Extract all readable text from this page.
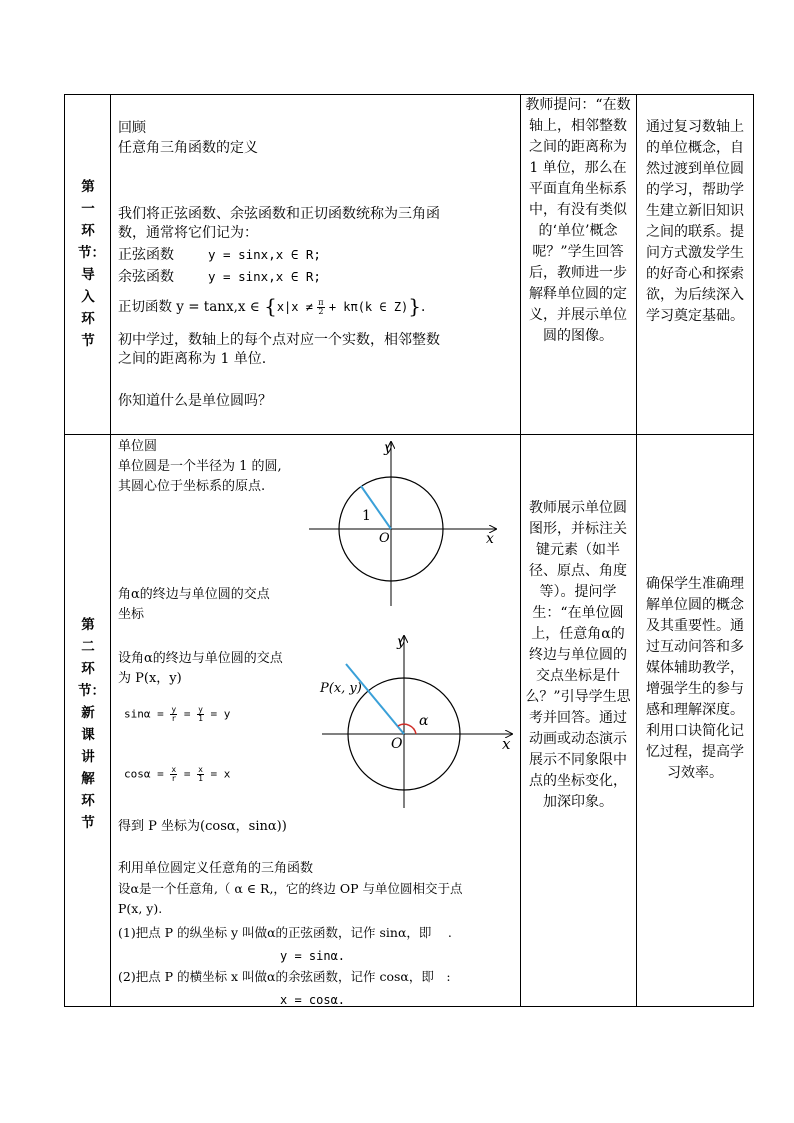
第一环节：导入环节
回顾
任意角三角函数的定义
我们将正弦函数、余弦函数和正切函数统称为三角函
数，通常将它们记为：
正弦函数	y = sinx,x ∈ R;
余弦函数	y = sinx,x ∈ R;
正切函数 y = tanx,x ∈ {$x|x \ne \frac{\pi}{2} + k\pi(k$ ∈ Z)}.
初中学过，数轴上的每个点对应一个实数，相邻整数
之间的距离称为 1 单位.
你知道什么是单位圆吗？
教师提问：“在数轴上，相邻整数之间的距离称为 1 单位，那么在平面直角坐标系中，有没有类似的‘单位’概念呢？”学生回答后，教师进一步解释单位圆的定义，并展示单位圆的图像。
通过复习数轴上的单位概念，自然过渡到单位圆的学习，帮助学生建立新旧知识之间的联系。提问方式激发学生的好奇心和探索欲，为后续深入学习奠定基础。
第二环节：新课讲解环节
单位圆
单位圆是一个半径为 1 的圆,
其圆心位于坐标系的原点.
y
x
O
1
角α的终边与单位圆的交点
坐标
设角α的终边与单位圆的交点
为 P(x，y)
y
x
O
P(x, y)
α
$\sin\alpha = \frac{y}{r} = \frac{y}{1} = y$
$\cos\alpha = \frac{x}{r} = \frac{x}{1} = x$
得到 P 坐标为(cosα，sinα))
利用单位圆定义任意角的三角函数
设α是一个任意角,（ α ∈ R,，它的终边 OP 与单位圆相交于点
P(x, y).
(1)把点 P 的纵坐标 y 叫做α的正弦函数，记作 sinα，即　 .
y = sinα.
(2)把点 P 的横坐标 x 叫做α的余弦函数，记作 cosα，即　:
x = cosα.
教师展示单位圆图形，并标注关键元素（如半径、原点、角度等）。提问学生：“在单位圆上，任意角α的终边与单位圆的交点坐标是什么？”引导学生思考并回答。通过动画或动态演示展示不同象限中点的坐标变化，加深印象。
确保学生准确理解单位圆的概念及其重要性。通过互动问答和多媒体辅助教学，增强学生的参与感和理解深度。利用口诀简化记忆过程，提高学习效率。
